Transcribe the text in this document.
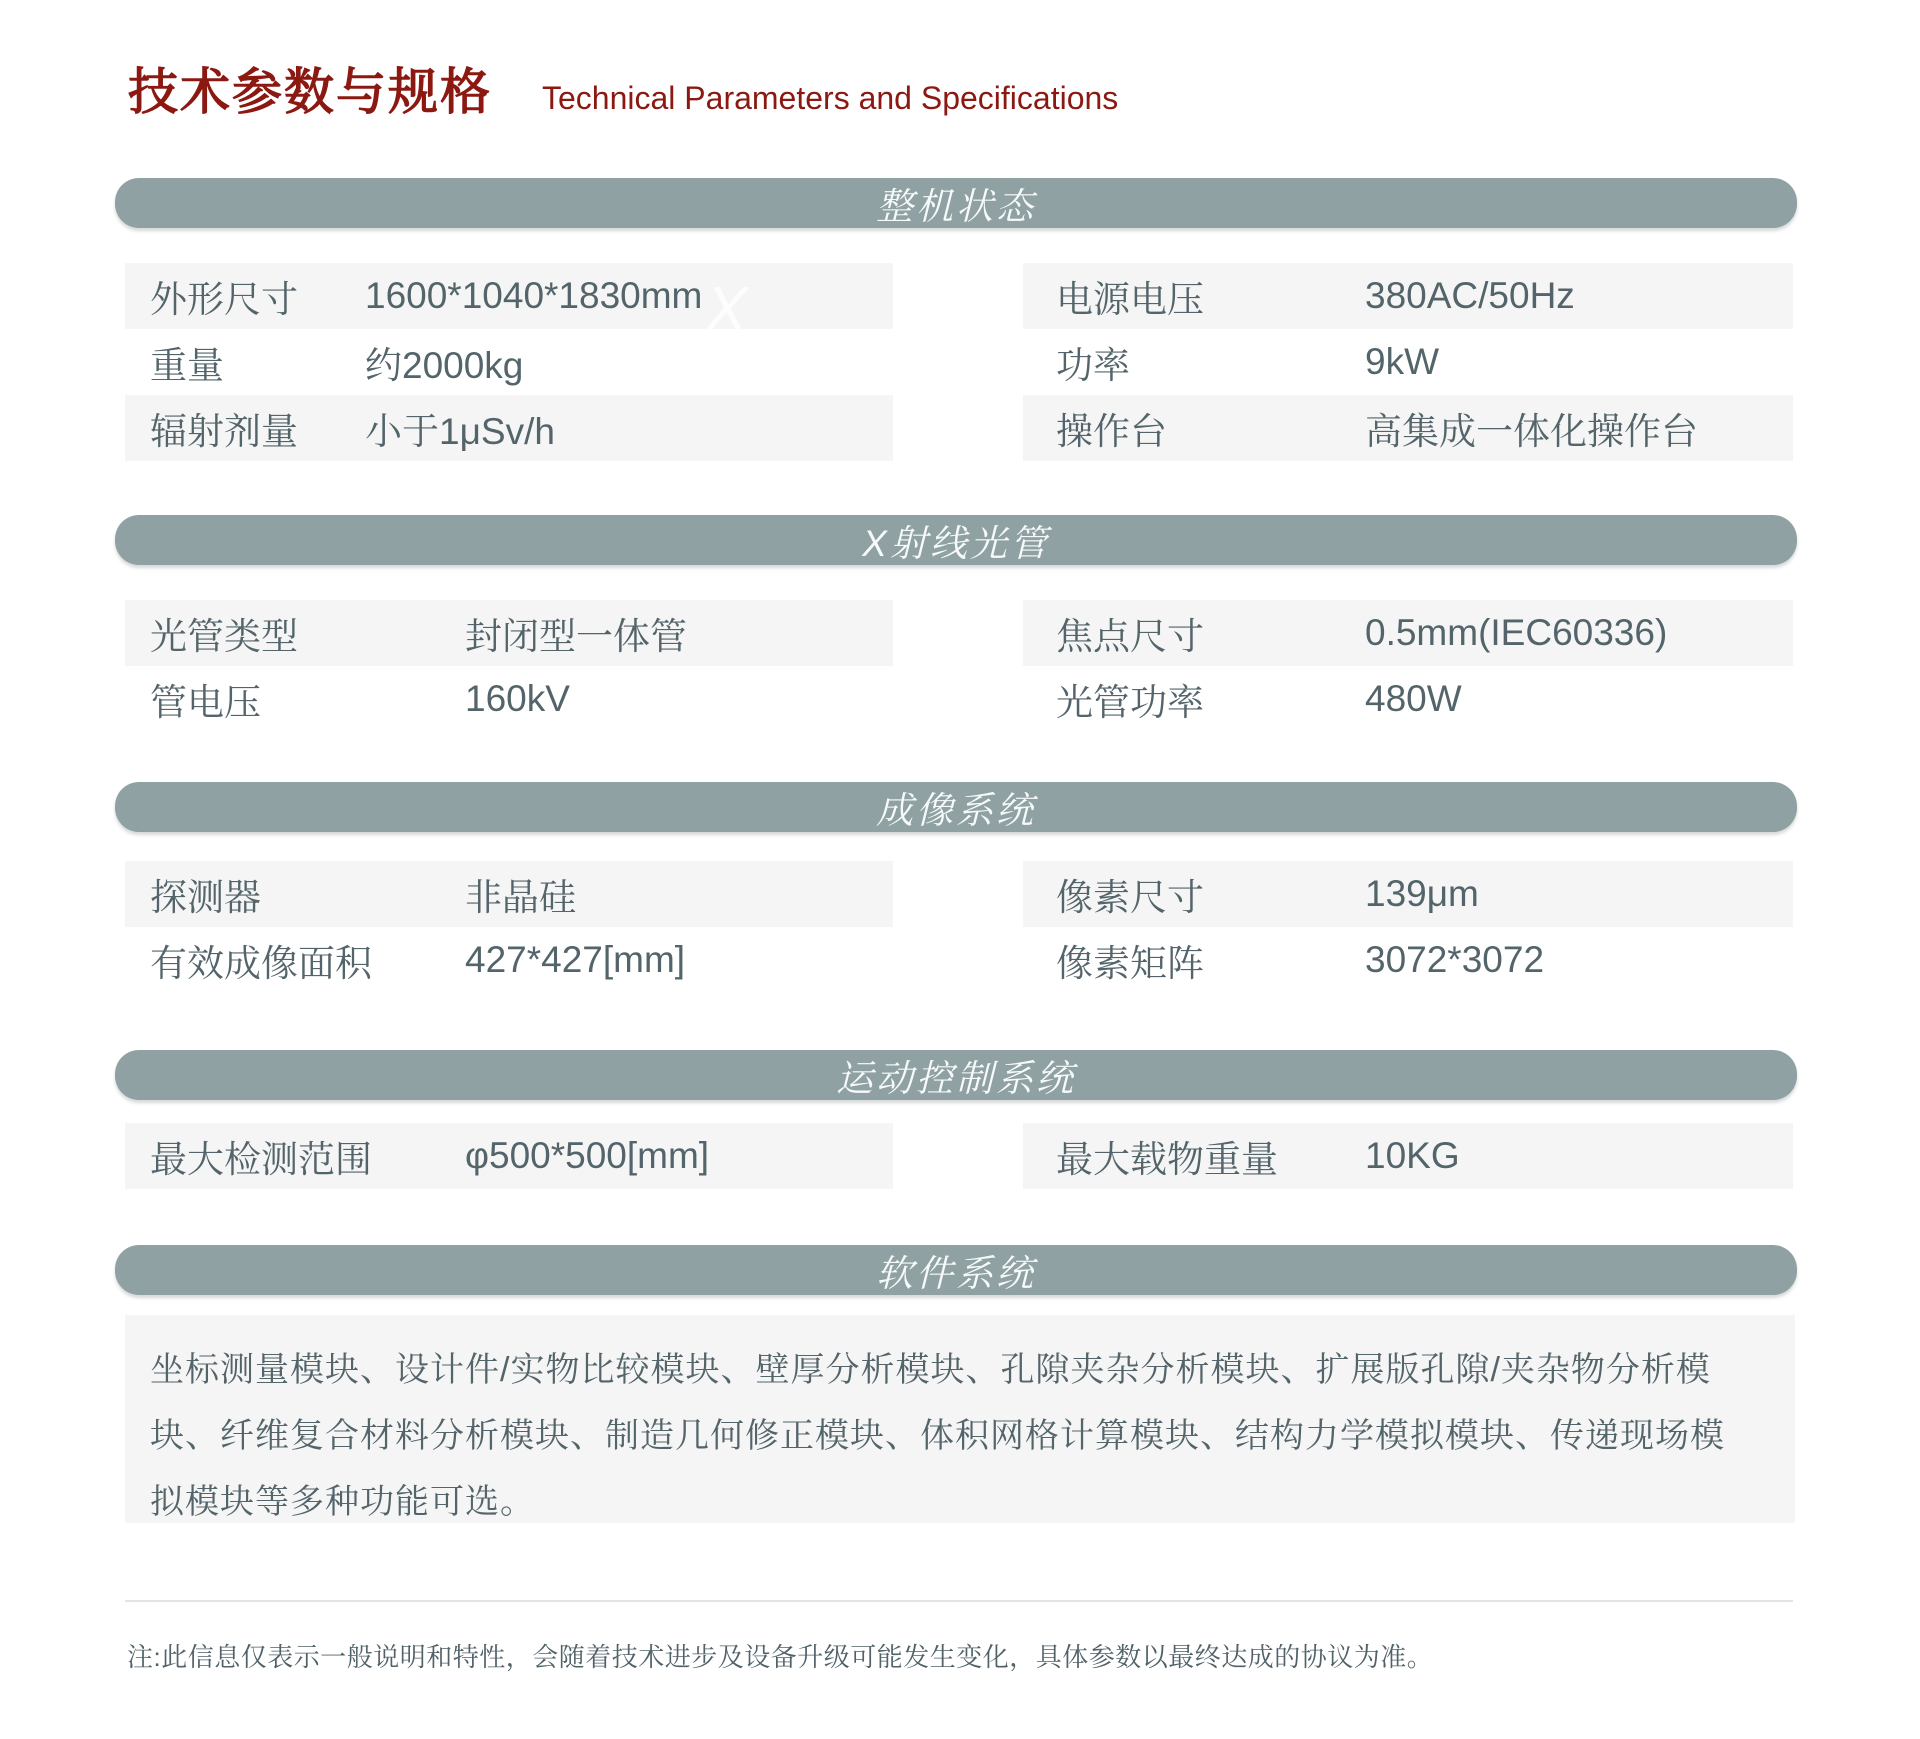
技术参数与规格 Technical Parameters and Specifications
整机状态
外形尺寸	1600*1040*1830mm
重量	约2000kg
辐射剂量	小于1μSv/h
电源电压	380AC/50Hz
功率	9kW
操作台	高集成一体化操作台
X射线光管
光管类型	封闭型一体管
管电压	160kV
焦点尺寸	0.5mm(IEC60336)
光管功率	480W
成像系统
探测器	非晶硅
有效成像面积	427*427[mm]
像素尺寸	139μm
像素矩阵	3072*3072
运动控制系统
最大检测范围	φ500*500[mm]	最大载物重量	10KG
软件系统

坐标测量模块、设计件/实物比较模块、壁厚分析模块、孔隙夹杂分析模块、扩展版孔隙/夹杂物分析模块、纤维复合材料分析模块、制造几何修正模块、体积网格计算模块、结构力学模拟模块、传递现场模拟模块等多种功能可选。

X

注:此信息仅表示一般说明和特性，会随着技术进步及设备升级可能发生变化，具体参数以最终达成的协议为准。
